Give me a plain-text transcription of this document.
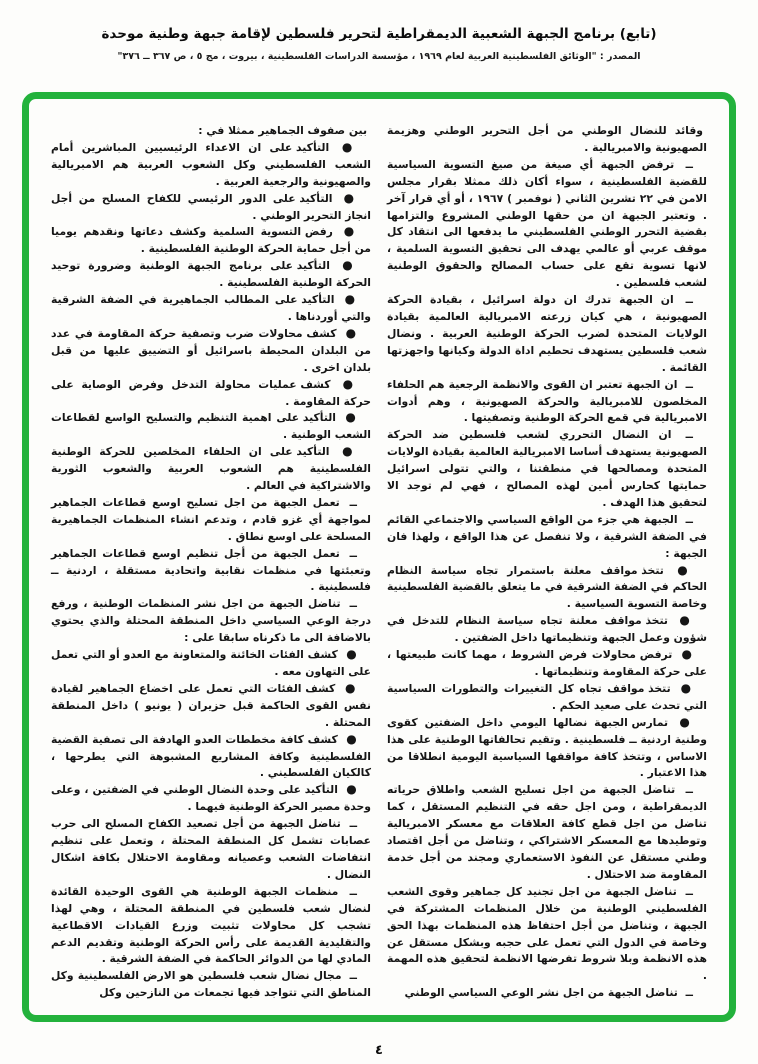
(تابع) برنامج الجبهة الشعبية الديمقراطية لتحرير فلسطين لإقامة جبهة وطنية موحدة
المصدر : "الوثائق الفلسطينية العربية لعام ١٩٦٩ ، مؤسسة الدراسات الفلسطينية ، بيروت ، مج ٥ ، ص ٣٦٧ ــ ٣٧٦"
وقائد للنضال الوطني من أجل التحرير الوطني وهزيمة الصهيونية والامبريالية .
ــ ترفض الجبهة أي صيغة من صيغ التسوية السياسية للقضية الفلسطينية ، سواء أكان ذلك ممثلا بقرار مجلس الامن في ٢٢ تشرين الثاني ( نوفمبر ) ١٩٦٧ ، أو أي قرار آخر . وتعتبر الجبهة ان من حقها الوطني المشروع والتزامها بقضية التحرر الوطني الفلسطيني ما يدفعها الى انتقاد كل موقف عربي أو عالمي يهدف الى تحقيق التسوية السلمية ، لانها تسوية تقع على حساب المصالح والحقوق الوطنية لشعب فلسطين .
ــ ان الجبهة تدرك ان دولة اسرائيل ، بقيادة الحركة الصهيونية ، هي كيان زرعته الامبريالية العالمية بقيادة الولايات المتحدة لضرب الحركة الوطنية العربية . ونضال شعب فلسطين يستهدف تحطيم اداة الدولة وكيانها واجهزتها القائمة .
ــ ان الجبهة تعتبر ان القوى والانظمة الرجعية هم الحلفاء المخلصون للامبريالية والحركة الصهيونية ، وهم أدوات الامبريالية في قمع الحركة الوطنية وتصفيتها .
ــ ان النضال التحرري لشعب فلسطين ضد الحركة الصهيونية يستهدف أساسا الامبريالية العالمية بقيادة الولايات المتحدة ومصالحها في منطقتنا ، والتي تتولى اسرائيل حمايتها كحارس أمين لهذه المصالح ، فهي لم توجد الا لتحقيق هذا الهدف .
ــ الجبهة هي جزء من الواقع السياسي والاجتماعي القائم في الضفة الشرقية ، ولا تنفصل عن هذا الواقع ، ولهذا فان الجبهة :
● تتخذ مواقف معلنة باستمرار تجاه سياسة النظام الحاكم في الضفة الشرقية في ما يتعلق بالقضية الفلسطينية وخاصة التسوية السياسية .
● تتخذ مواقف معلنة تجاه سياسة النظام للتدخل في شؤون وعمل الجبهة وتنظيماتها داخل الضفتين .
● ترفض محاولات فرض الشروط ، مهما كانت طبيعتها ، على حركة المقاومة وتنظيماتها .
● تتخذ مواقف تجاه كل التغييرات والتطورات السياسية التي تحدث على صعيد الحكم .
● تمارس الجبهة نضالها اليومي داخل الضفتين كقوى وطنية اردنية ــ فلسطينية . وتقيم تحالفاتها الوطنية على هذا الاساس ، وتتخذ كافة مواقفها السياسية اليومية انطلاقا من هذا الاعتبار .
ــ تناضل الجبهة من اجل تسليح الشعب واطلاق حرياته الديمقراطية ، ومن اجل حقه في التنظيم المستقل ، كما تناضل من اجل قطع كافة العلاقات مع معسكر الامبريالية وتوطيدها مع المعسكر الاشتراكي ، وتناضل من أجل اقتصاد وطني مستقل عن النفوذ الاستعماري ومجند من أجل خدمة المقاومة ضد الاحتلال .
ــ تناضل الجبهة من اجل تجنيد كل جماهير وقوى الشعب الفلسطيني الوطنية من خلال المنظمات المشتركة في الجبهة ، وتناضل من أجل احتفاظ هذه المنظمات بهذا الحق وخاصة في الدول التي تعمل على حجبه وبشكل مستقل عن هذه الانظمة وبلا شروط تفرضها الانظمة لتحقيق هذه المهمة .
ــ تناضل الجبهة من اجل نشر الوعي السياسي الوطني
بين صفوف الجماهير ممثلا في :
● التأكيد على ان الاعداء الرئيسيين المباشرين أمام الشعب الفلسطيني وكل الشعوب العربية هم الامبريالية والصهيونية والرجعية العربية .
● التأكيد على الدور الرئيسي للكفاح المسلح من أجل انجاز التحرير الوطني .
● رفض التسوية السلمية وكشف دعاتها ونقدهم يوميا من أجل حماية الحركة الوطنية الفلسطينية .
● التأكيد على برنامج الجبهة الوطنية وضرورة توحيد الحركة الوطنية الفلسطينية .
● التأكيد على المطالب الجماهيرية في الضفة الشرقية والتي أوردناها .
● كشف محاولات ضرب وتصفية حركة المقاومة في عدد من البلدان المحيطة باسرائيل أو التضييق عليها من قبل بلدان اخرى .
● كشف عمليات محاولة التدخل وفرض الوصاية على حركة المقاومة .
● التأكيد على اهمية التنظيم والتسليح الواسع لقطاعات الشعب الوطنية .
● التأكيد على ان الحلفاء المخلصين للحركة الوطنية الفلسطينية هم الشعوب العربية والشعوب الثورية والاشتراكية في العالم .
ــ تعمل الجبهة من اجل تسليح اوسع قطاعات الجماهير لمواجهة أي غزو قادم ، وتدعم انشاء المنظمات الجماهيرية المسلحة على اوسع نطاق .
ــ تعمل الجبهة من أجل تنظيم اوسع قطاعات الجماهير وتعبئتها في منظمات نقابية واتحادية مستقلة ، اردنية ــ فلسطينية .
ــ تناضل الجبهة من اجل نشر المنظمات الوطنية ، ورفع درجة الوعي السياسي داخل المنطقة المحتلة والذي يحتوي بالاضافة الى ما ذكرناه سابقا على :
● كشف الفئات الخائنة والمتعاونة مع العدو أو التي تعمل على التهاون معه .
● كشف الفئات التي تعمل على اخضاع الجماهير لقيادة نفس القوى الحاكمة قبل حزيران ( يونيو ) داخل المنطقة المحتلة .
● كشف كافة مخططات العدو الهادفة الى تصفية القضية الفلسطينية وكافة المشاريع المشبوهة التي يطرحها ، كالكيان الفلسطيني .
● التأكيد على وحدة النضال الوطني في الضفتين ، وعلى وحدة مصير الحركة الوطنية فيهما .
ــ تناضل الجبهة من أجل تصعيد الكفاح المسلح الى حرب عصابات تشمل كل المنطقة المحتلة ، وتعمل على تنظيم انتفاضات الشعب وعصيانه ومقاومة الاحتلال بكافة اشكال النضال .
ــ منظمات الجبهة الوطنية هي القوى الوحيدة القائدة لنضال شعب فلسطين في المنطقة المحتلة ، وهي لهذا تشجب كل محاولات تثبيت وزرع القيادات الاقطاعية والتقليدية القديمة على رأس الحركة الوطنية وتقديم الدعم المادي لها من الدوائر الحاكمة في الضفة الشرقية .
ــ مجال نضال شعب فلسطين هو الارض الفلسطينية وكل المناطق التي تتواجد فيها تجمعات من النازحين وكل
٤
